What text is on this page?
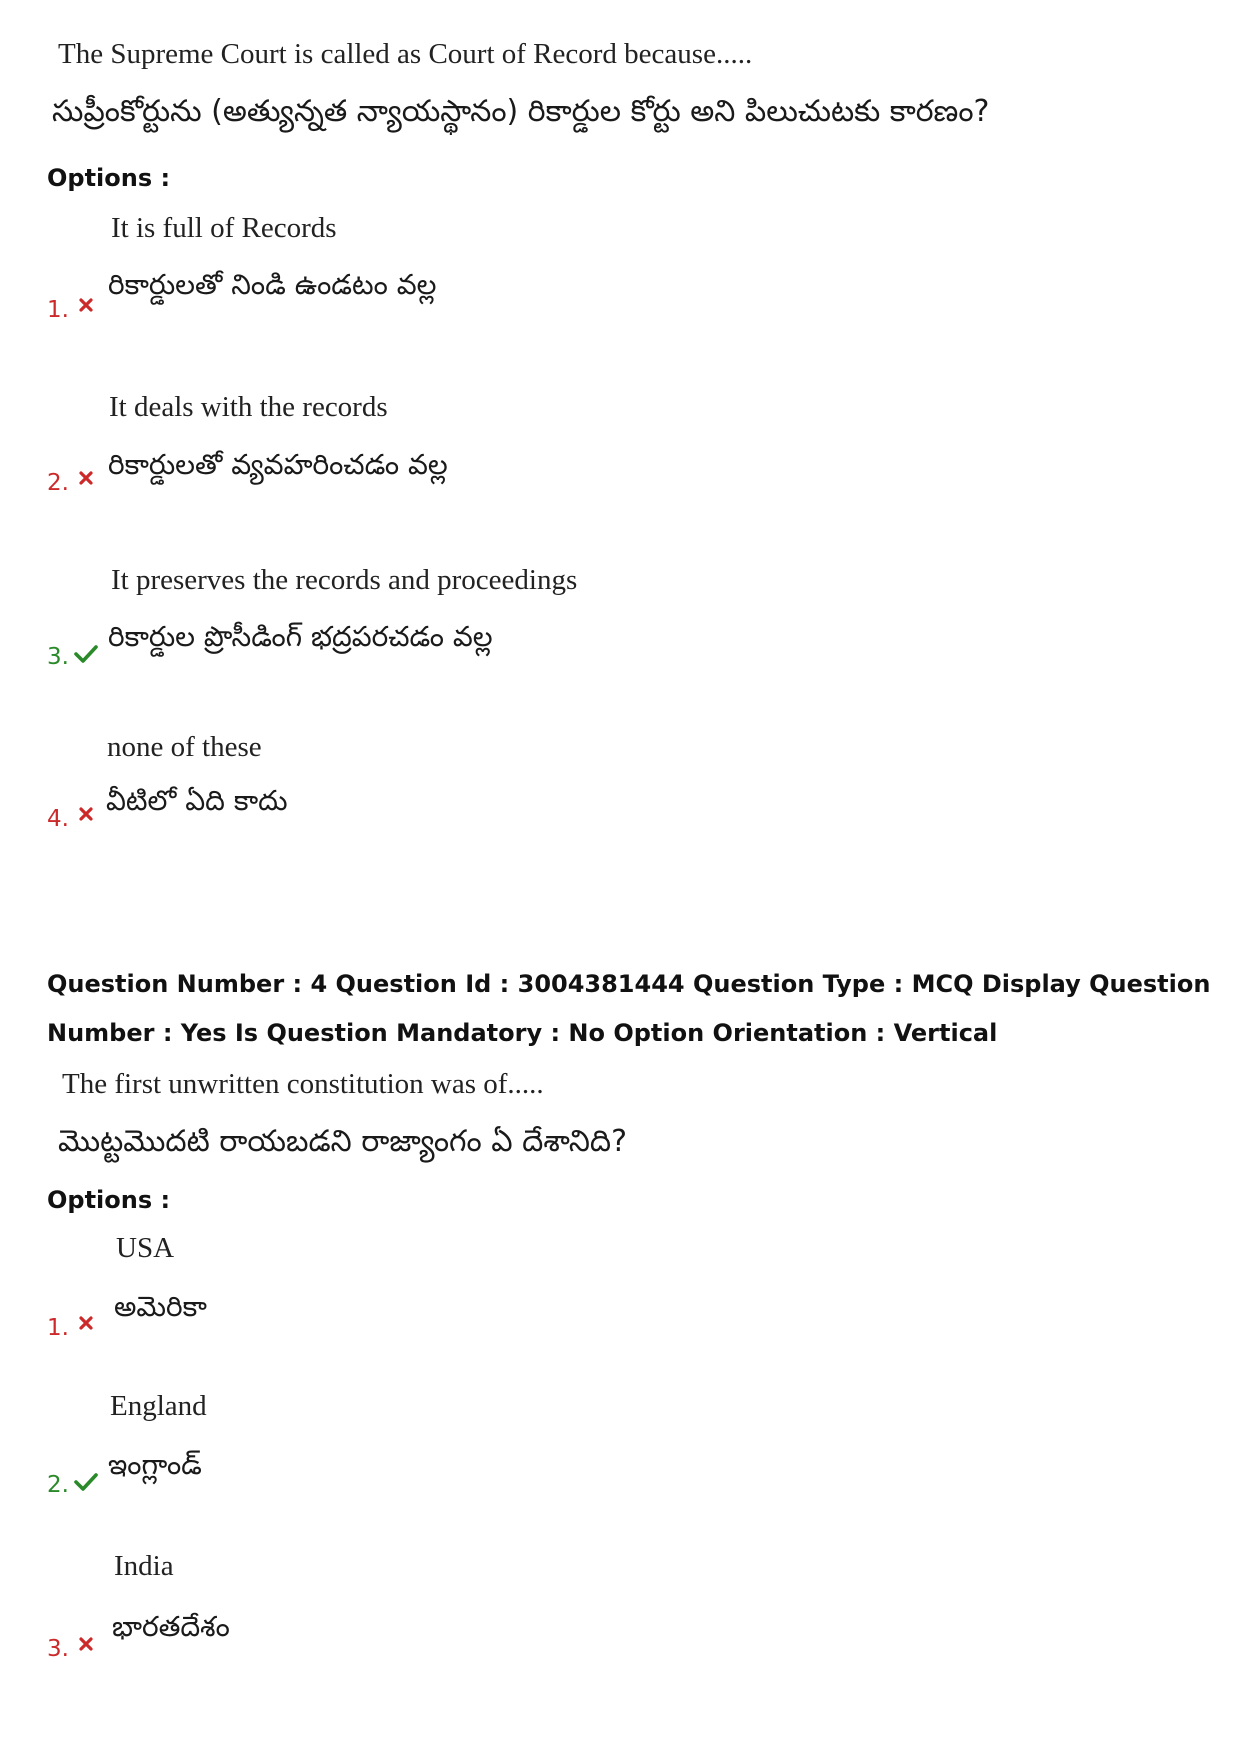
The Supreme Court is called as Court of Record because.....
సుప్రీంకోర్టును (అత్యున్నత న్యాయస్థానం) రికార్డుల కోర్టు అని పిలుచుటకు కారణం?
Options :
It is full of Records
1.
రికార్డులతో నిండి ఉండటం వల్ల
It deals with the records
2.
రికార్డులతో వ్యవహరించడం వల్ల
It preserves the records and proceedings
3.
రికార్డుల ప్రొసీడింగ్ భద్రపరచడం వల్ల
none of these
4.
వీటిలో ఏది కాదు
Question Number : 4 Question Id : 3004381444 Question Type : MCQ Display Question
Number : Yes Is Question Mandatory : No Option Orientation : Vertical
The first unwritten constitution was of.....
మొట్టమొదటి రాయబడని రాజ్యాంగం ఏ దేశానిది?
Options :
USA
1.
అమెరికా
England
2.
ఇంగ్లాండ్
India
3.
భారతదేశం
